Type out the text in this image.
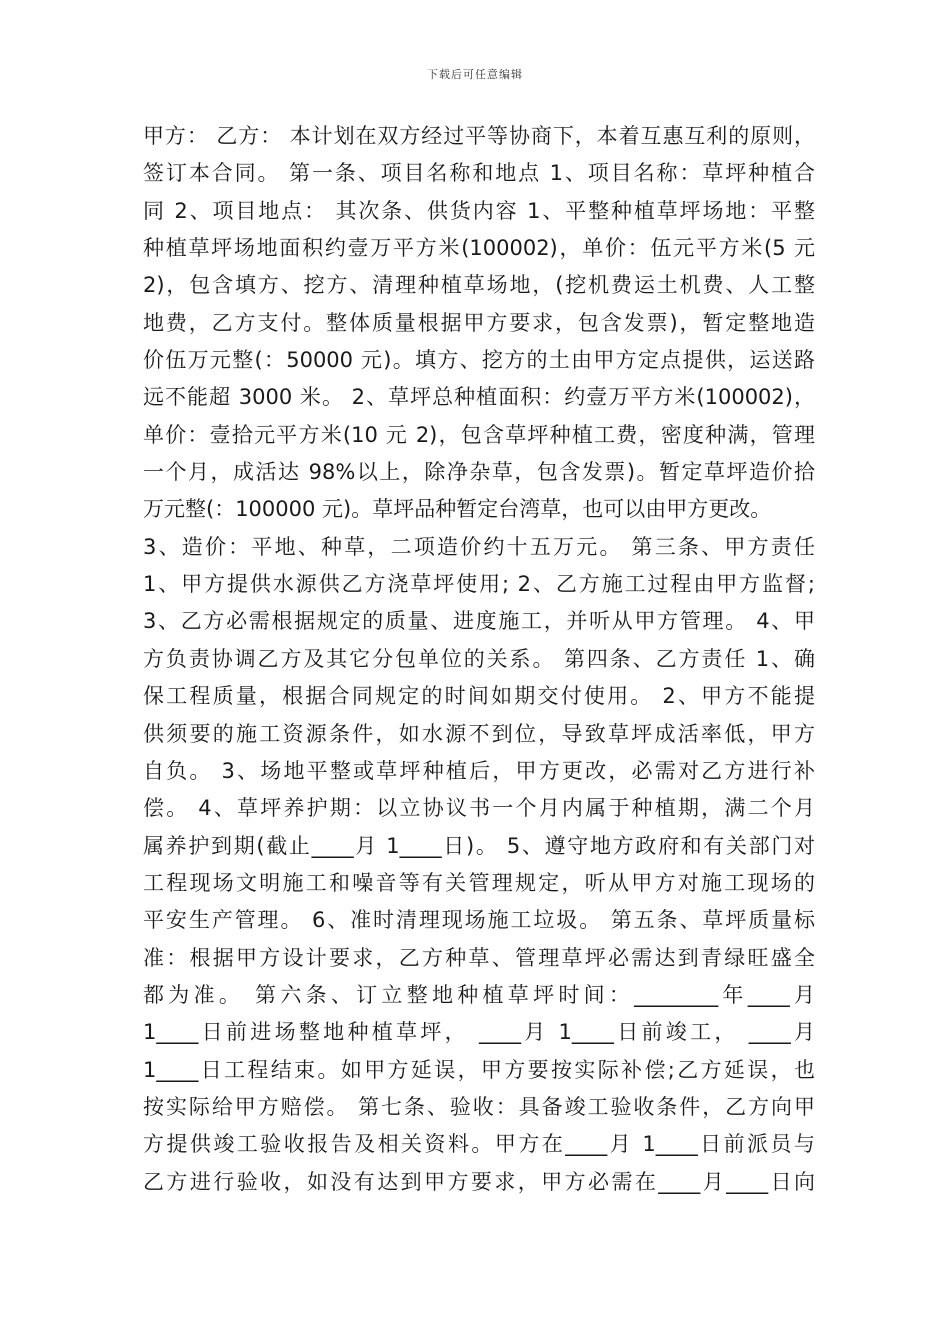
下载后可任意编辑
甲方： 乙方： 本计划在双方经过平等协商下，本着互惠互利的原则，
签订本合同。 第一条、项目名称和地点 1、项目名称：草坪种植合
同 2、项目地点： 其次条、供货内容 1、平整种植草坪场地：平整
种植草坪场地面积约壹万平方米(100002)，单价：伍元平方米(5 元
2)，包含填方、挖方、清理种植草场地，(挖机费运土机费、人工整
地费，乙方支付。整体质量根据甲方要求，包含发票)，暂定整地造
价伍万元整(：50000 元)。填方、挖方的土由甲方定点提供，运送路
远不能超 3000 米。 2、草坪总种植面积：约壹万平方米(100002)，
单价：壹拾元平方米(10 元 2)，包含草坪种植工费，密度种满，管理
一个月，成活达 98%以上，除净杂草，包含发票)。暂定草坪造价拾
万元整(：100000 元)。草坪品种暂定台湾草，也可以由甲方更改。
3、造价：平地、种草，二项造价约十五万元。 第三条、甲方责任
1、甲方提供水源供乙方浇草坪使用; 2、乙方施工过程由甲方监督;
3、乙方必需根据规定的质量、进度施工，并听从甲方管理。 4、甲
方负责协调乙方及其它分包单位的关系。 第四条、乙方责任 1、确
保工程质量，根据合同规定的时间如期交付使用。 2、甲方不能提
供须要的施工资源条件，如水源不到位，导致草坪成活率低，甲方
自负。 3、场地平整或草坪种植后，甲方更改，必需对乙方进行补
偿。 4、草坪养护期：以立协议书一个月内属于种植期，满二个月
属养护到期(截止____月 1____日)。 5、遵守地方政府和有关部门对
工程现场文明施工和噪音等有关管理规定，听从甲方对施工现场的
平安生产管理。 6、准时清理现场施工垃圾。 第五条、草坪质量标
准：根据甲方设计要求，乙方种草、管理草坪必需达到青绿旺盛全
都为准。 第六条、订立整地种植草坪时间：________年____月
1____日前进场整地种植草坪， ____月 1____日前竣工， ____月
1____日工程结束。如甲方延误，甲方要按实际补偿;乙方延误，也
按实际给甲方赔偿。 第七条、验收：具备竣工验收条件，乙方向甲
方提供竣工验收报告及相关资料。甲方在____月 1____日前派员与
乙方进行验收，如没有达到甲方要求，甲方必需在____月____日向
